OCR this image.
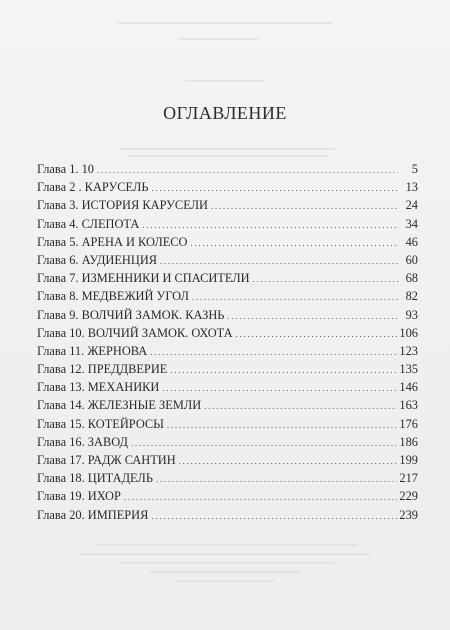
ОГЛАВЛЕНИЕ
Глава 1. 10 . . .	5
Глава 2 . КАРУСЕЛЬ . . .	13
Глава 3. ИСТОРИЯ КАРУСЕЛИ . . .	24
Глава 4. СЛЕПОТА . . .	34
Глава 5. АРЕНА И КОЛЕСО . . .	46
Глава 6. АУДИЕНЦИЯ . . .	60
Глава 7. ИЗМЕННИКИ И СПАСИТЕЛИ . . .	68
Глава 8. МЕДВЕЖИЙ УГОЛ . . .	82
Глава 9. ВОЛЧИЙ ЗАМОК. КАЗНЬ . . .	93
Глава 10. ВОЛЧИЙ ЗАМОК. ОХОТА . . .	106
Глава 11. ЖЕРНОВА . . .	123
Глава 12. ПРЕДДВЕРИЕ . . .	135
Глава 13. МЕХАНИКИ . . .	146
Глава 14. ЖЕЛЕЗНЫЕ ЗЕМЛИ . . .	163
Глава 15. КОТЕЙРОСЫ . . .	176
Глава 16. ЗАВОД . . .	186
Глава 17. РАДЖ САНТИН . . .	199
Глава 18. ЦИТАДЕЛЬ . . .	217
Глава 19. ИХОР . . .	229
Глава 20. ИМПЕРИЯ . . .	239
